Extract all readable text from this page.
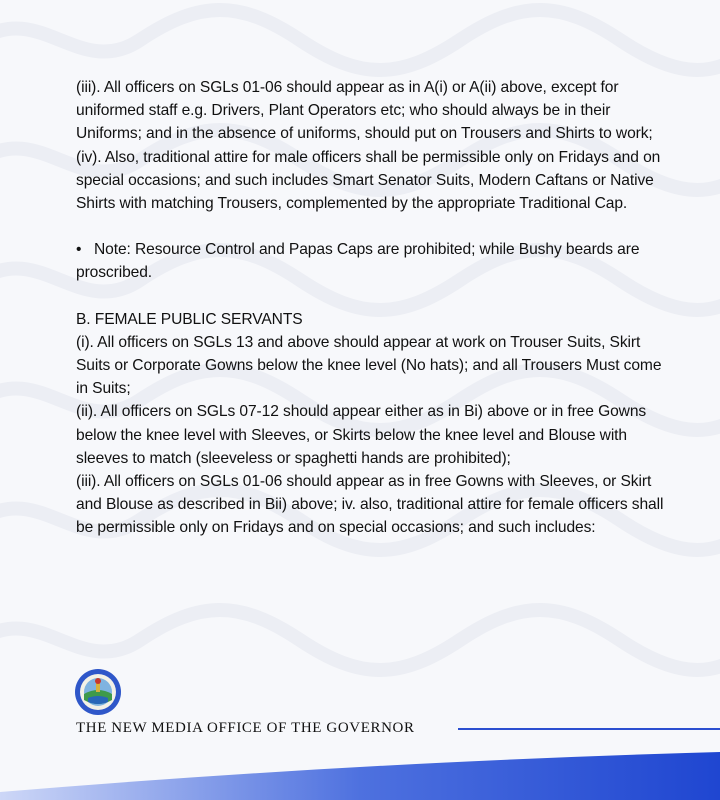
(iii). All officers on SGLs 01-06 should appear as in A(i) or A(ii) above, except for uniformed staff e.g. Drivers, Plant Operators etc; who should always be in their Uniforms; and in the absence of uniforms, should put on Trousers and Shirts to work;

(iv). Also, traditional attire for male officers shall be permissible only on Fridays and on special occasions; and such includes Smart Senator Suits, Modern Caftans or Native Shirts with matching Trousers, complemented by the appropriate Traditional Cap.

• Note: Resource Control and Papas Caps are prohibited; while Bushy beards are proscribed.

B. FEMALE PUBLIC SERVANTS

(i). All officers on SGLs 13 and above should appear at work on Trouser Suits, Skirt Suits or Corporate Gowns below the knee level (No hats); and all Trousers Must come in Suits;

(ii). All officers on SGLs 07-12 should appear either as in Bi) above or in free Gowns below the knee level with Sleeves, or Skirts below the knee level and Blouse with sleeves to match (sleeveless or spaghetti hands are prohibited);

(iii). All officers on SGLs 01-06 should appear as in free Gowns with Sleeves, or Skirt and Blouse as described in Bii) above; iv. also, traditional attire for female officers shall be permissible only on Fridays and on special occasions; and such includes:

THE NEW MEDIA OFFICE OF THE GOVERNOR
